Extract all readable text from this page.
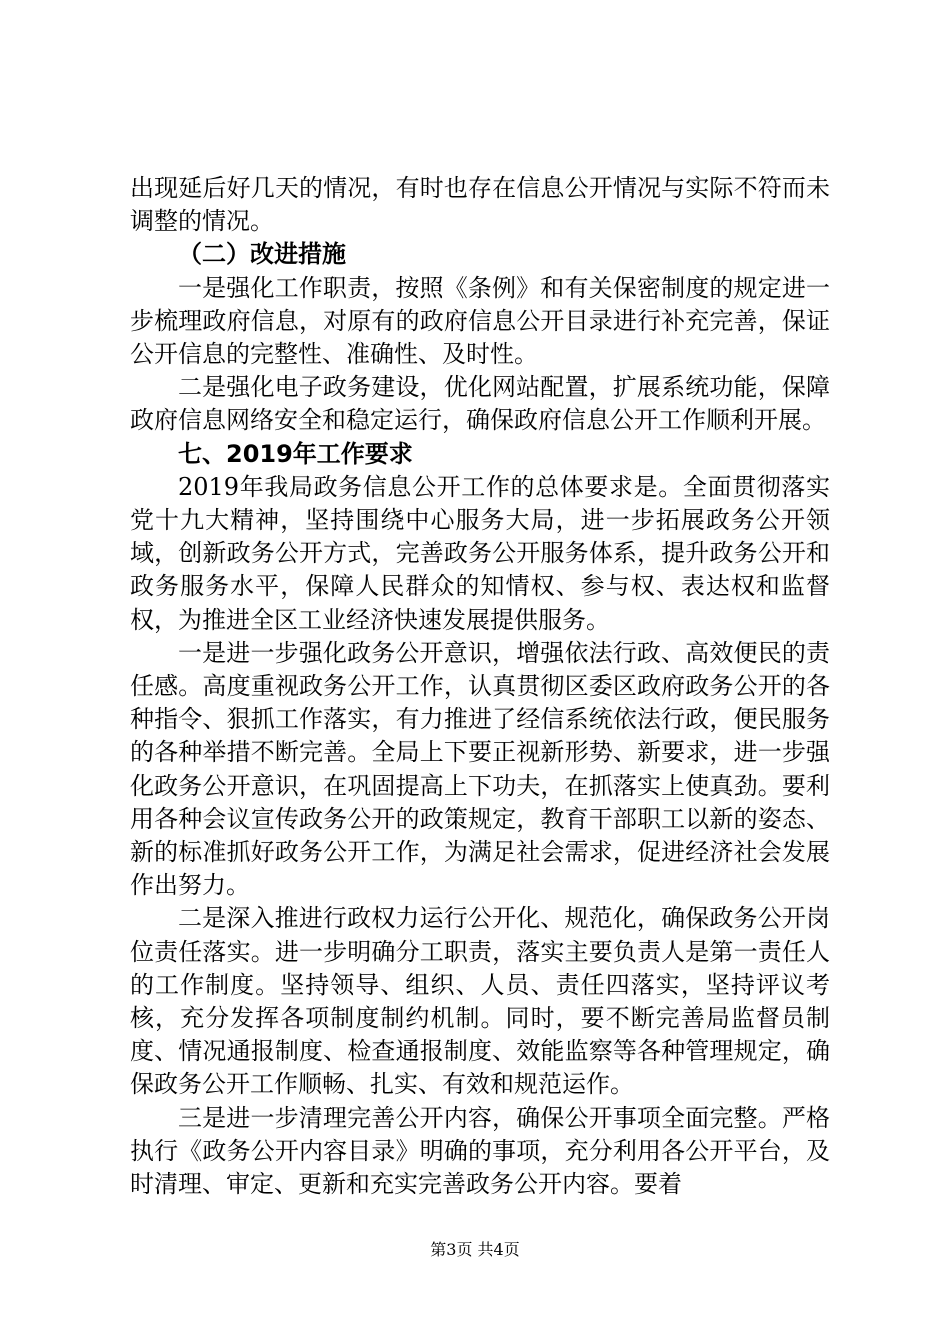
出现延后好几天的情况，有时也存在信息公开情况与实际不符而未调整的情况。

（二）改进措施

一是强化工作职责，按照《条例》和有关保密制度的规定进一步梳理政府信息，对原有的政府信息公开目录进行补充完善，保证公开信息的完整性、准确性、及时性。

二是强化电子政务建设，优化网站配置，扩展系统功能，保障政府信息网络安全和稳定运行，确保政府信息公开工作顺利开展。

七、2019年工作要求

2019年我局政务信息公开工作的总体要求是。全面贯彻落实党十九大精神，坚持围绕中心服务大局，进一步拓展政务公开领域，创新政务公开方式，完善政务公开服务体系，提升政务公开和政务服务水平，保障人民群众的知情权、参与权、表达权和监督权，为推进全区工业经济快速发展提供服务。

一是进一步强化政务公开意识，增强依法行政、高效便民的责任感。高度重视政务公开工作，认真贯彻区委区政府政务公开的各种指令、狠抓工作落实，有力推进了经信系统依法行政，便民服务的各种举措不断完善。全局上下要正视新形势、新要求，进一步强化政务公开意识，在巩固提高上下功夫，在抓落实上使真劲。要利用各种会议宣传政务公开的政策规定，教育干部职工以新的姿态、新的标准抓好政务公开工作，为满足社会需求，促进经济社会发展作出努力。

二是深入推进行政权力运行公开化、规范化，确保政务公开岗位责任落实。进一步明确分工职责，落实主要负责人是第一责任人的工作制度。坚持领导、组织、人员、责任四落实，坚持评议考核，充分发挥各项制度制约机制。同时，要不断完善局监督员制度、情况通报制度、检查通报制度、效能监察等各种管理规定，确保政务公开工作顺畅、扎实、有效和规范运作。

三是进一步清理完善公开内容，确保公开事项全面完整。严格执行《政务公开内容目录》明确的事项，充分利用各公开平台，及时清理、审定、更新和充实完善政务公开内容。要着

第3页 共4页
